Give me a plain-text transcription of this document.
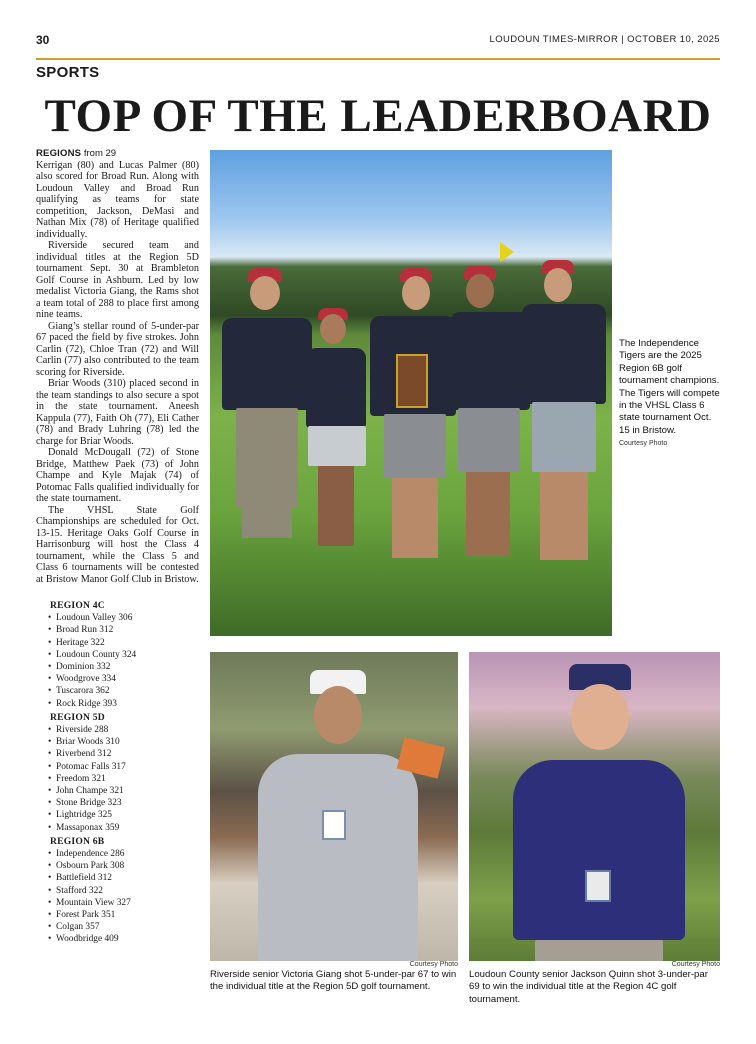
30	LOUDOUN TIMES-MIRROR | OCTOBER 10, 2025
SPORTS
TOP OF THE LEADERBOARD
REGIONS from 29

Kerrigan (80) and Lucas Palmer (80) also scored for Broad Run. Along with Loudoun Valley and Broad Run qualifying as teams for state competition, Jackson, DeMasi and Nathan Mix (78) of Heritage qualified individually.

Riverside secured team and individual titles at the Region 5D tournament Sept. 30 at Brambleton Golf Course in Ashburn. Led by low medalist Victoria Giang, the Rams shot a team total of 288 to place first among nine teams.

Giang’s stellar round of 5-under-par 67 paced the field by five strokes. John Carlin (72), Chloe Tran (72) and Will Carlin (77) also contributed to the team scoring for Riverside.

Briar Woods (310) placed second in the team standings to also secure a spot in the state tournament. Aneesh Kappula (77), Faith Oh (77), Eli Cather (78) and Brady Luhring (78) led the charge for Briar Woods.

Donald McDougall (72) of Stone Bridge, Matthew Paek (73) of John Champe and Kyle Majak (74) of Potomac Falls qualified individually for the state tournament.

The VHSL State Golf Championships are scheduled for Oct. 13-15. Heritage Oaks Golf Course in Harrisonburg will host the Class 4 tournament, while the Class 5 and Class 6 tournaments will be contested at Bristow Manor Golf Club in Bristow.

REGION 4C
• Loudoun Valley 306
• Broad Run 312
• Heritage 322
• Loudoun County 324
• Dominion 332
• Woodgrove 334
• Tuscarora 362
• Rock Ridge 393
REGION 5D
• Riverside 288
• Briar Woods 310
• Riverbend 312
• Potomac Falls 317
• Freedom 321
• John Champe 321
• Stone Bridge 323
• Lightridge 325
• Massaponax 359
REGION 6B
• Independence 286
• Osbourn Park 308
• Battlefield 312
• Stafford 322
• Mountain View 327
• Forest Park 351
• Colgan 357
• Woodbridge 409
The Independence Tigers are the 2025 Region 6B golf tournament champions. The Tigers will compete in the VHSL Class 6 state tournament Oct. 15 in Bristow.
Courtesy Photo
Courtesy Photo
Riverside senior Victoria Giang shot 5-under-par 67 to win the individual title at the Region 5D golf tournament.
Courtesy Photo
Loudoun County senior Jackson Quinn shot 3-under-par 69 to win the individual title at the Region 4C golf tournament.
